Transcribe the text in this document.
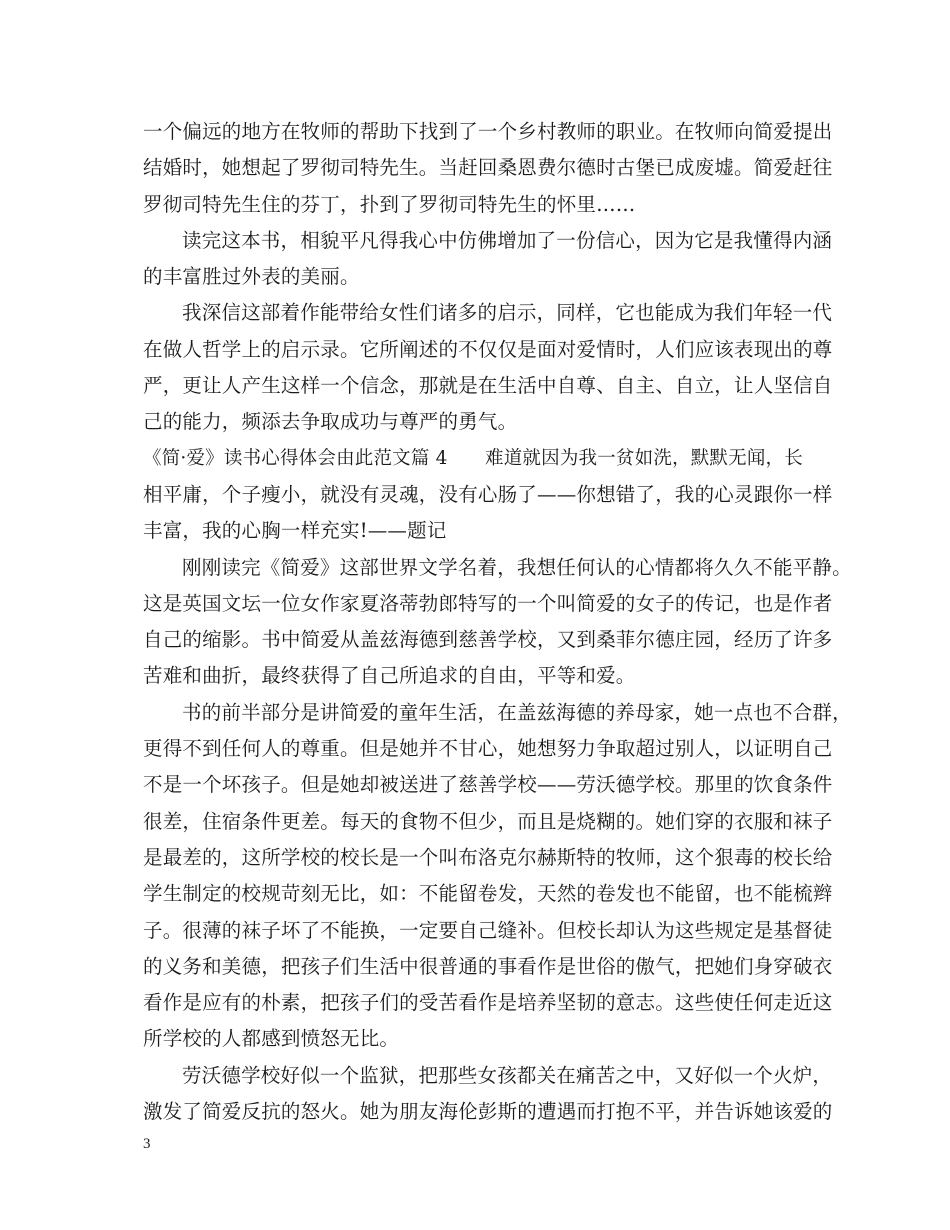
一个偏远的地方在牧师的帮助下找到了一个乡村教师的职业。在牧师向简爱提出
结婚时，她想起了罗彻司特先生。当赶回桑恩费尔德时古堡已成废墟。简爱赶往
罗彻司特先生住的芬丁，扑到了罗彻司特先生的怀里……
读完这本书，相貌平凡得我心中仿佛增加了一份信心，因为它是我懂得内涵
的丰富胜过外表的美丽。
我深信这部着作能带给女性们诸多的启示，同样，它也能成为我们年轻一代
在做人哲学上的启示录。它所阐述的不仅仅是面对爱情时，人们应该表现出的尊
严，更让人产生这样一个信念，那就是在生活中自尊、自主、自立，让人坚信自
己的能力，频添去争取成功与尊严的勇气。
《简·爱》读书心得体会由此范文篇 4　　难道就因为我一贫如洗，默默无闻，长
相平庸，个子瘦小，就没有灵魂，没有心肠了——你想错了，我的心灵跟你一样
丰富，我的心胸一样充实!——题记
刚刚读完《简爱》这部世界文学名着，我想任何认的心情都将久久不能平静。
这是英国文坛一位女作家夏洛蒂勃郎特写的一个叫简爱的女子的传记，也是作者
自己的缩影。书中简爱从盖兹海德到慈善学校，又到桑菲尔德庄园，经历了许多
苦难和曲折，最终获得了自己所追求的自由，平等和爱。
书的前半部分是讲简爱的童年生活，在盖兹海德的养母家，她一点也不合群，
更得不到任何人的尊重。但是她并不甘心，她想努力争取超过别人，以证明自己
不是一个坏孩子。但是她却被送进了慈善学校——劳沃德学校。那里的饮食条件
很差，住宿条件更差。每天的食物不但少，而且是烧糊的。她们穿的衣服和袜子
是最差的，这所学校的校长是一个叫布洛克尔赫斯特的牧师，这个狠毒的校长给
学生制定的校规苛刻无比，如：不能留卷发，天然的卷发也不能留，也不能梳辫
子。很薄的袜子坏了不能换，一定要自己缝补。但校长却认为这些规定是基督徒
的义务和美德，把孩子们生活中很普通的事看作是世俗的傲气，把她们身穿破衣
看作是应有的朴素，把孩子们的受苦看作是培养坚韧的意志。这些使任何走近这
所学校的人都感到愤怒无比。
劳沃德学校好似一个监狱，把那些女孩都关在痛苦之中，又好似一个火炉，
激发了简爱反抗的怒火。她为朋友海伦彭斯的遭遇而打抱不平，并告诉她该爱的
3
